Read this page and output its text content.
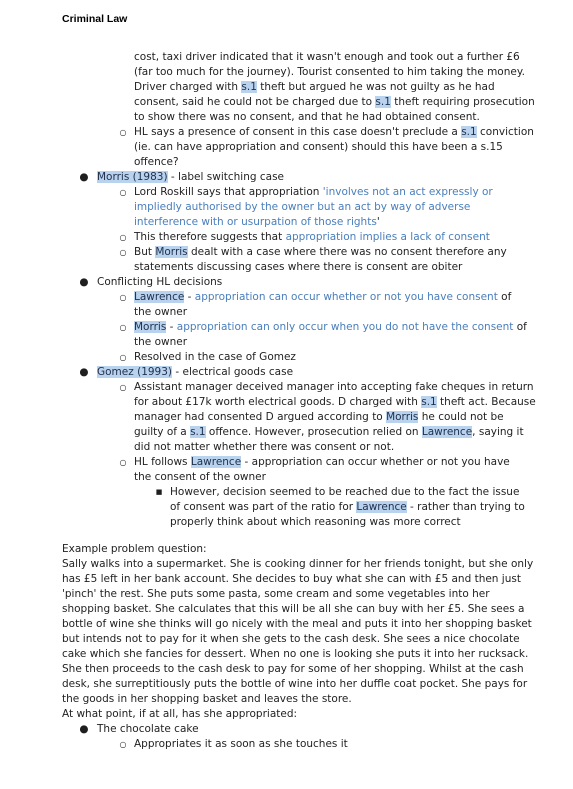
Criminal Law
cost, taxi driver indicated that it wasn't enough and took out a further £6
(far too much for the journey). Tourist consented to him taking the money.
Driver charged with s.1 theft but argued he was not guilty as he had
consent, said he could not be charged due to s.1 theft requiring prosecution
to show there was no consent, and that he had obtained consent.
○ HL says a presence of consent in this case doesn't preclude a s.1 conviction
(ie. can have appropriation and consent) should this have been a s.15
offence?
● Morris (1983) - label switching case
○ Lord Roskill says that appropriation 'involves not an act expressly or
impliedly authorised by the owner but an act by way of adverse
interference with or usurpation of those rights'
○ This therefore suggests that appropriation implies a lack of consent
○ But Morris dealt with a case where there was no consent therefore any
statements discussing cases where there is consent are obiter
● Conflicting HL decisions
○ Lawrence - appropriation can occur whether or not you have consent of
the owner
○ Morris - appropriation can only occur when you do not have the consent of
the owner
○ Resolved in the case of Gomez
● Gomez (1993) - electrical goods case
○ Assistant manager deceived manager into accepting fake cheques in return
for about £17k worth electrical goods. D charged with s.1 theft act. Because
manager had consented D argued according to Morris he could not be
guilty of a s.1 offence. However, prosecution relied on Lawrence, saying it
did not matter whether there was consent or not.
○ HL follows Lawrence - appropriation can occur whether or not you have
the consent of the owner
■ However, decision seemed to be reached due to the fact the issue
of consent was part of the ratio for Lawrence - rather than trying to
properly think about which reasoning was more correct
Example problem question:
Sally walks into a supermarket. She is cooking dinner for her friends tonight, but she only
has £5 left in her bank account. She decides to buy what she can with £5 and then just
'pinch' the rest. She puts some pasta, some cream and some vegetables into her
shopping basket. She calculates that this will be all she can buy with her £5. She sees a
bottle of wine she thinks will go nicely with the meal and puts it into her shopping basket
but intends not to pay for it when she gets to the cash desk. She sees a nice chocolate
cake which she fancies for dessert. When no one is looking she puts it into her rucksack.
She then proceeds to the cash desk to pay for some of her shopping. Whilst at the cash
desk, she surreptitiously puts the bottle of wine into her duffle coat pocket. She pays for
the goods in her shopping basket and leaves the store.
At what point, if at all, has she appropriated:
● The chocolate cake
○ Appropriates it as soon as she touches it
